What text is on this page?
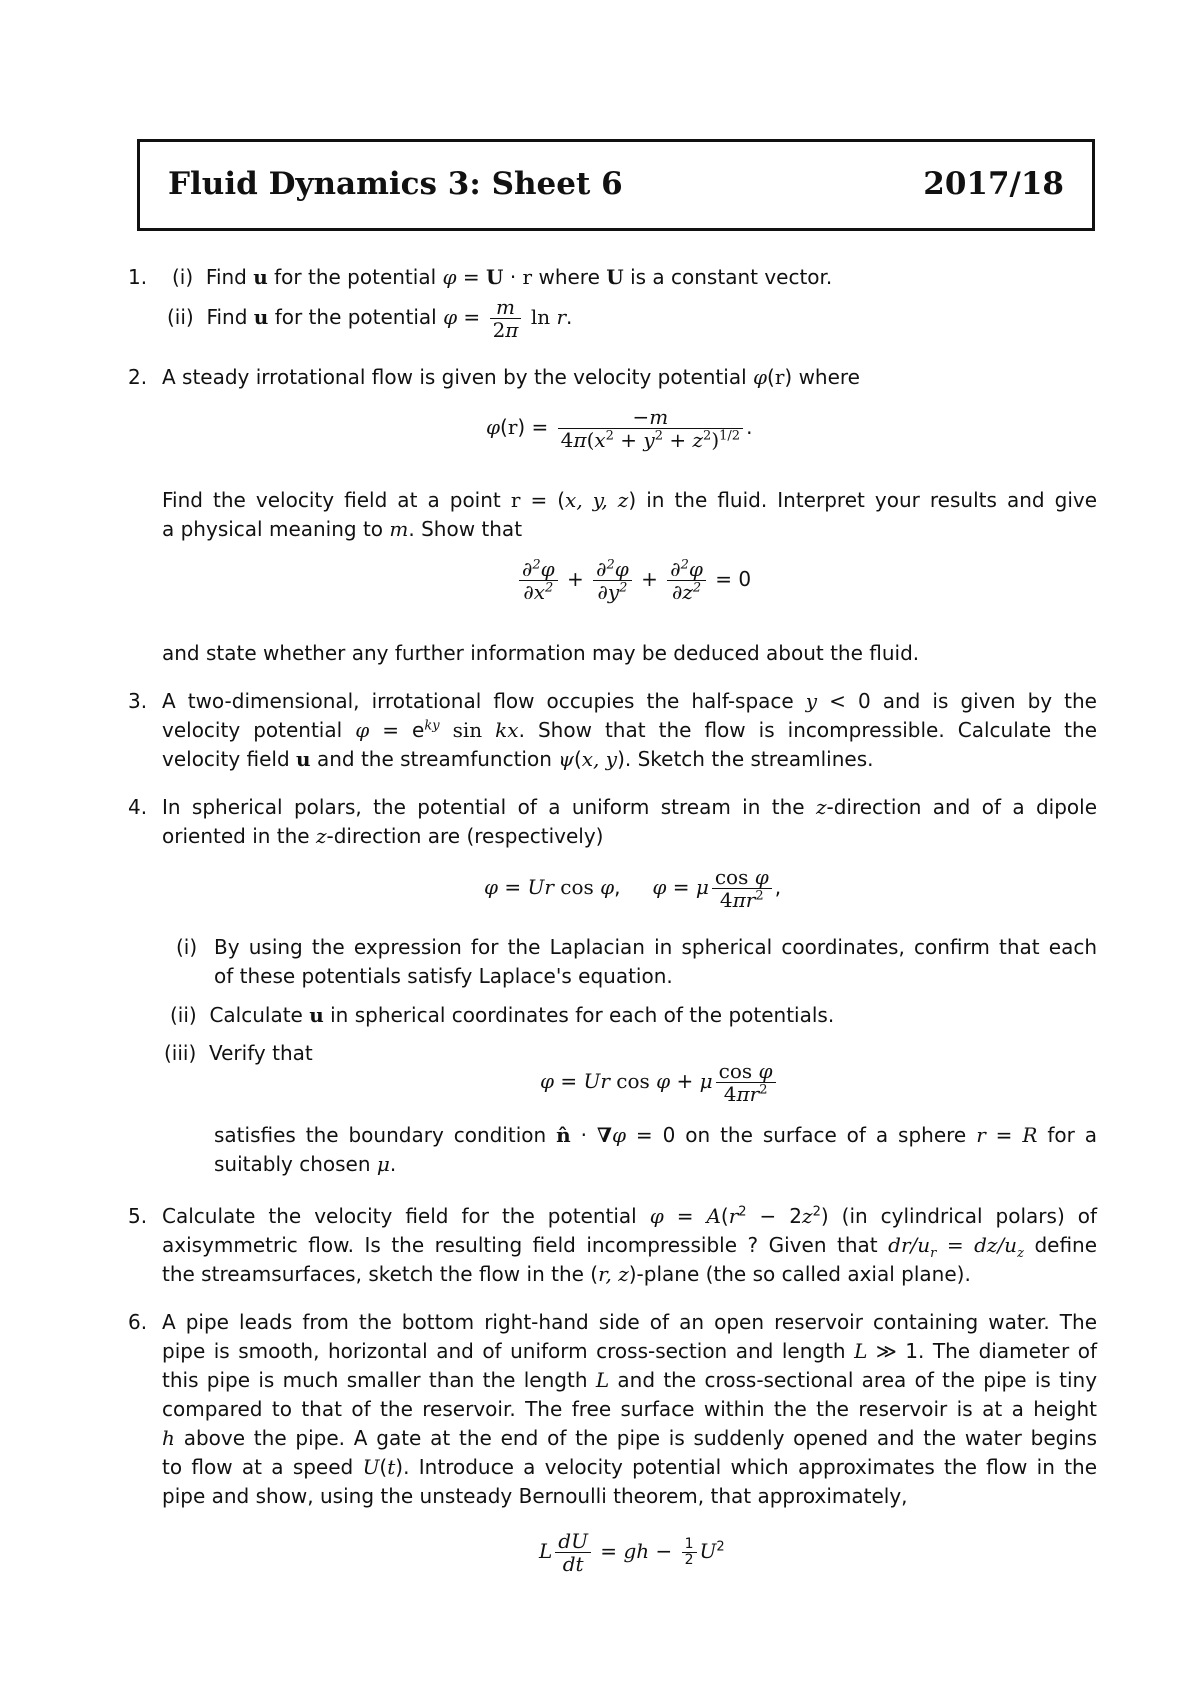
Fluid Dynamics 3: Sheet 6	2017/18
1. (i) Find u for the potential φ = U · r where U is a constant vector.
(ii) Find u for the potential $\varphi = \frac{m}{2\pi}$ ln r.
2. A steady irrotational flow is given by the velocity potential φ(r) where
$\varphi(r) = \frac{-m}{4\pi(x^2 + y^2 + z^2)^{1/2}}$ .
Find the velocity field at a point r = (x, y, z) in the fluid. Interpret your results and give
a physical meaning to m. Show that
$\frac{\partial^2\varphi}{\partial x^2} + \frac{\partial^2\varphi}{\partial y^2} + \frac{\partial^2\varphi}{\partial z^2} = 0$
and state whether any further information may be deduced about the fluid.
3. A two-dimensional, irrotational flow occupies the half-space y < 0 and is given by the
velocity potential $\varphi = e^{ky}$ sin kx. Show that the flow is incompressible. Calculate the
velocity field u and the streamfunction ψ(x, y). Sketch the streamlines.
4. In spherical polars, the potential of a uniform stream in the z-direction and of a dipole
oriented in the z-direction are (respectively)
φ = Ur cos φ,     φ = μ $\frac{\text{cos φ}}{4\pi r^2}$ ,
(i) By using the expression for the Laplacian in spherical coordinates, confirm that each
of these potentials satisfy Laplace's equation.
(ii) Calculate u in spherical coordinates for each of the potentials.
(iii) Verify that
φ = Ur cos φ + μ $\frac{\text{cos φ}}{4\pi r^2}$
satisfies the boundary condition n̂ · ∇φ = 0 on the surface of a sphere r = R for a
suitably chosen μ.
5. Calculate the velocity field for the potential $\varphi = A(r^2 - 2z^2)$ (in cylindrical polars) of
axisymmetric flow. Is the resulting field incompressible ? Given that $dr/u_r = dz/u_z$ define
the streamsurfaces, sketch the flow in the (r, z)-plane (the so called axial plane).
6. A pipe leads from the bottom right-hand side of an open reservoir containing water. The
pipe is smooth, horizontal and of uniform cross-section and length L ≫ 1. The diameter of
this pipe is much smaller than the length L and the cross-sectional area of the pipe is tiny
compared to that of the reservoir. The free surface within the the reservoir is at a height
h above the pipe. A gate at the end of the pipe is suddenly opened and the water begins
to flow at a speed U(t). Introduce a velocity potential which approximates the flow in the
pipe and show, using the unsteady Bernoulli theorem, that approximately,
L $\frac{dU}{dt}$ = gh − $\frac{1}{2} U^2$
